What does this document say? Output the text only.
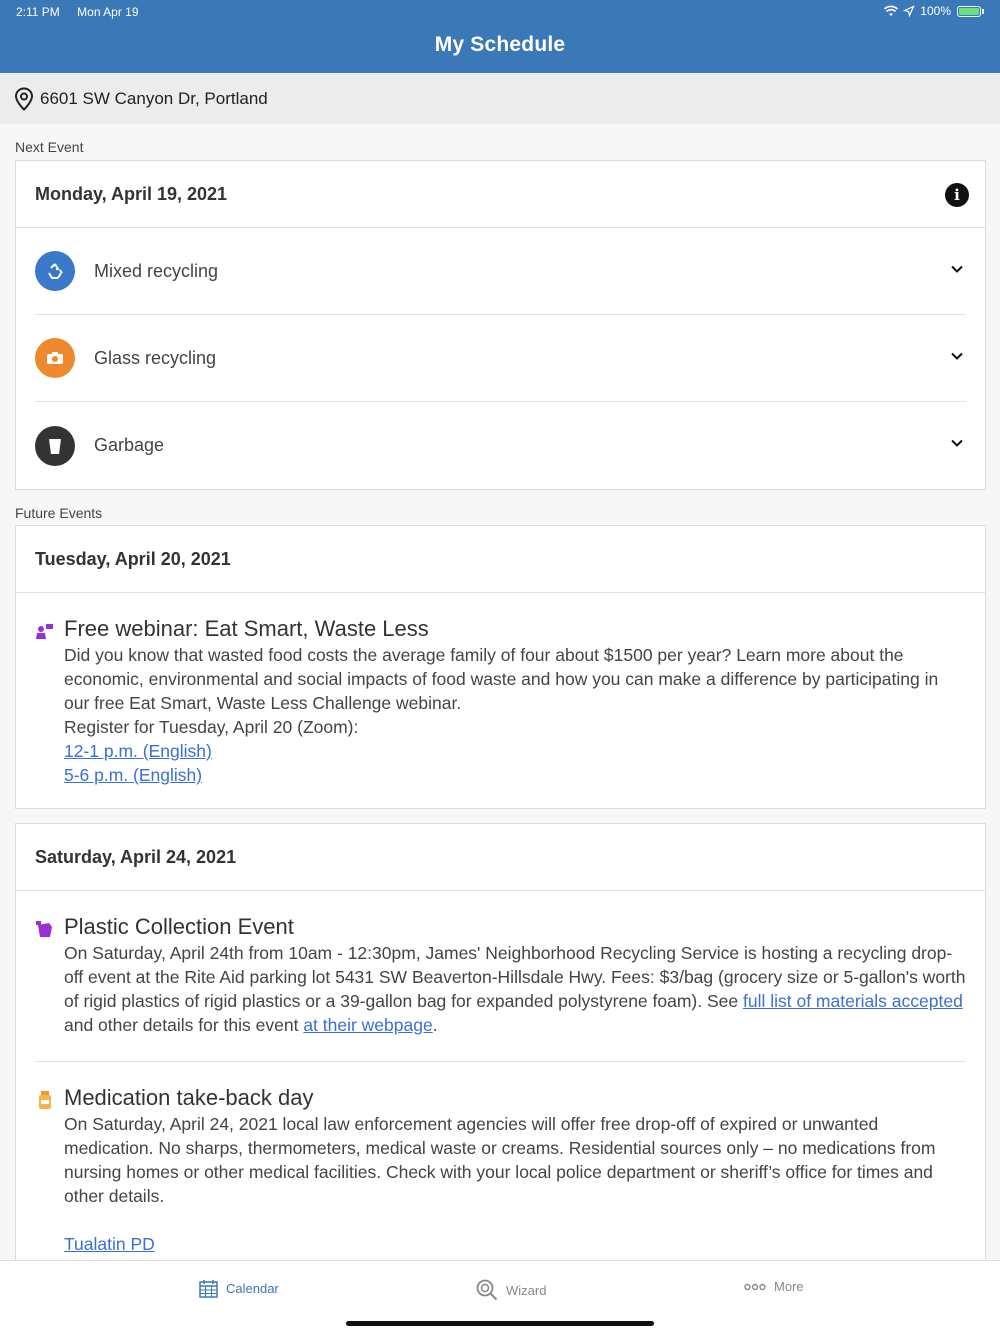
2:11 PM Mon Apr 19	100%
My Schedule
6601 SW Canyon Dr, Portland
Next Event
Monday, April 19, 2021	i
Mixed recycling
Glass recycling
Garbage
Future Events
Tuesday, April 20, 2021
Free webinar: Eat Smart, Waste Less
Did you know that wasted food costs the average family of four about $1500 per year? Learn more about the economic, environmental and social impacts of food waste and how you can make a difference by participating in our free Eat Smart, Waste Less Challenge webinar.
Register for Tuesday, April 20 (Zoom):
12-1 p.m. (English)
5-6 p.m. (English)
Saturday, April 24, 2021
Plastic Collection Event
On Saturday, April 24th from 10am - 12:30pm, James' Neighborhood Recycling Service is hosting a recycling drop-off event at the Rite Aid parking lot 5431 SW Beaverton-Hillsdale Hwy. Fees: $3/bag (grocery size or 5-gallon's worth of rigid plastics of rigid plastics or a 39-gallon bag for expanded polystyrene foam). See full list of materials accepted and other details for this event at their webpage.
Medication take-back day
On Saturday, April 24, 2021 local law enforcement agencies will offer free drop-off of expired or unwanted medication. No sharps, thermometers, medical waste or creams. Residential sources only – no medications from nursing homes or other medical facilities. Check with your local police department or sheriff’s office for times and other details.
Tualatin PD
Calendar	Wizard	More
